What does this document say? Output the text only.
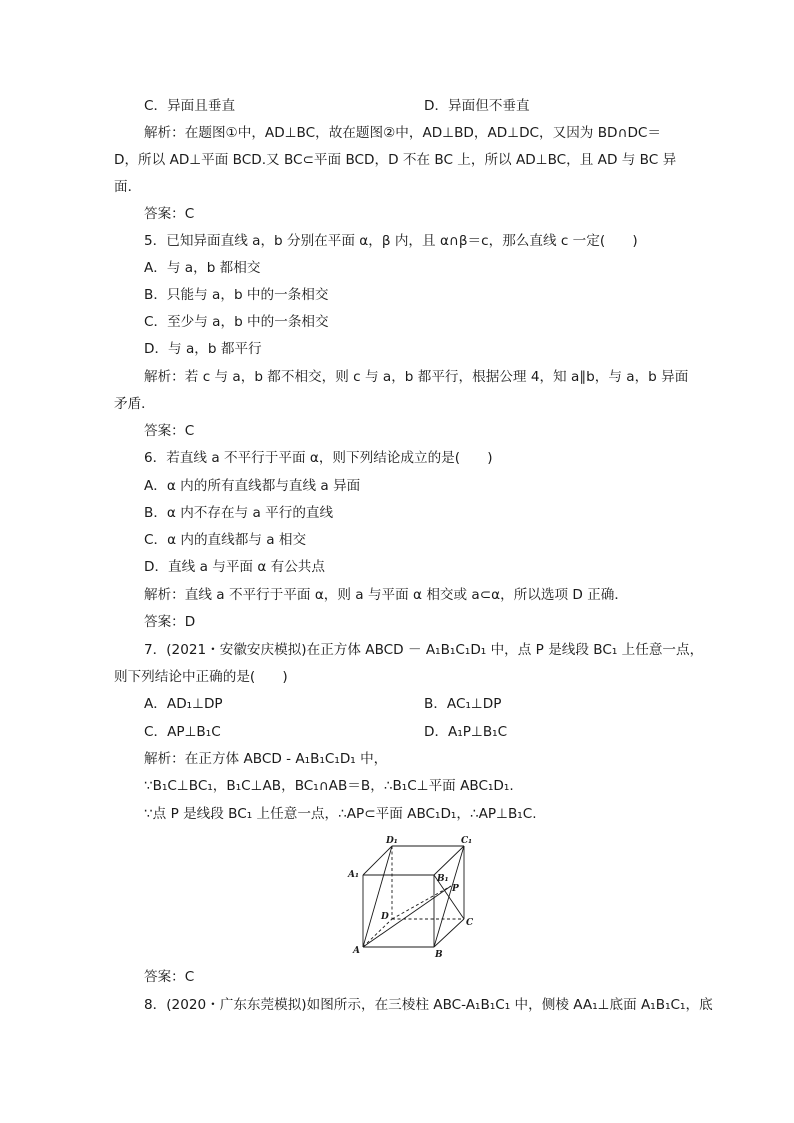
C．异面且垂直	D．异面但不垂直
解析：在题图①中，AD⊥BC，故在题图②中，AD⊥BD，AD⊥DC，又因为 BD∩DC＝
D，所以 AD⊥平面 BCD.又 BC⊂平面 BCD，D 不在 BC 上，所以 AD⊥BC，且 AD 与 BC 异
面．
答案：C
5．已知异面直线 a，b 分别在平面 α，β 内，且 α∩β＝c，那么直线 c 一定(　　)
A．与 a，b 都相交
B．只能与 a，b 中的一条相交
C．至少与 a，b 中的一条相交
D．与 a，b 都平行
解析：若 c 与 a，b 都不相交，则 c 与 a，b 都平行，根据公理 4，知 a∥b，与 a，b 异面
矛盾．
答案：C
6．若直线 a 不平行于平面 α，则下列结论成立的是(　　)
A．α 内的所有直线都与直线 a 异面
B．α 内不存在与 a 平行的直线
C．α 内的直线都与 a 相交
D．直线 a 与平面 α 有公共点
解析：直线 a 不平行于平面 α，则 a 与平面 α 相交或 a⊂α，所以选项 D 正确．
答案：D
7．(2021・安徽安庆模拟)在正方体 ABCD － A₁B₁C₁D₁ 中，点 P 是线段 BC₁ 上任意一点，
则下列结论中正确的是(　　)
A．AD₁⊥DP	B．AC₁⊥DP
C．AP⊥B₁C	D．A₁P⊥B₁C
解析：在正方体 ABCD - A₁B₁C₁D₁ 中，
∵B₁C⊥BC₁，B₁C⊥AB，BC₁∩AB＝B，∴B₁C⊥平面 ABC₁D₁.
∵点 P 是线段 BC₁ 上任意一点，∴AP⊂平面 ABC₁D₁，∴AP⊥B₁C.
D₁	C₁
A₁	B₁
P
D
C
A	B
答案：C
8．(2020・广东东莞模拟)如图所示，在三棱柱 ABC-A₁B₁C₁ 中，侧棱 AA₁⊥底面 A₁B₁C₁，底
